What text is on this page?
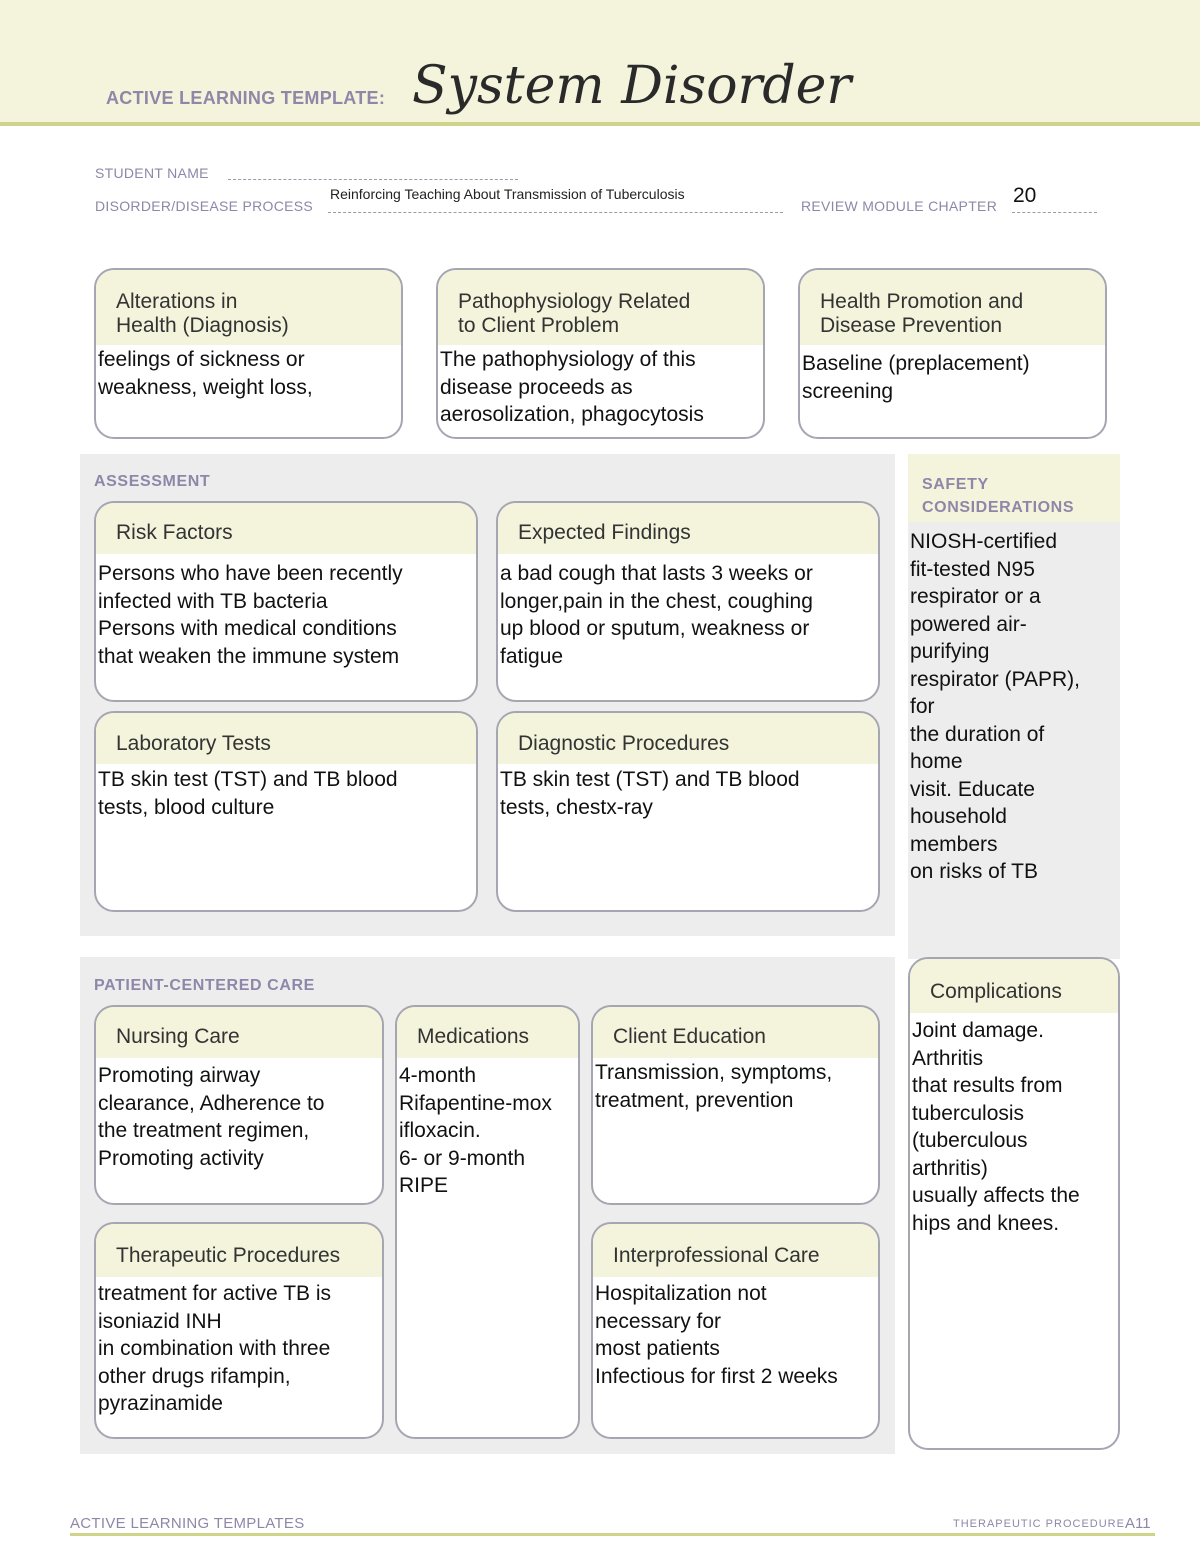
ACTIVE LEARNING TEMPLATE: System Disorder
STUDENT NAME
DISORDER/DISEASE PROCESS
Reinforcing Teaching About Transmission of Tuberculosis
REVIEW MODULE CHAPTER 20
Alterations in
Health (Diagnosis)
feelings of sickness or
weakness, weight loss,
Pathophysiology Related
to Client Problem
The pathophysiology of this
disease proceeds as
aerosolization, phagocytosis
Health Promotion and
Disease Prevention
Baseline (preplacement)
screening
ASSESSMENT
Risk Factors
Persons who have been recently
infected with TB bacteria
Persons with medical conditions
that weaken the immune system
Expected Findings
a bad cough that lasts 3 weeks or
longer,pain in the chest, coughing
up blood or sputum, weakness or
fatigue
Laboratory Tests
TB skin test (TST) and TB blood
tests, blood culture
Diagnostic Procedures
TB skin test (TST) and TB blood
tests, chestx-ray
SAFETY
CONSIDERATIONS
NIOSH-certified
fit-tested N95
respirator or a
powered air-
purifying
respirator (PAPR),
for
the duration of
home
visit. Educate
household
members
on risks of TB
PATIENT-CENTERED CARE
Nursing Care
Promoting airway
clearance, Adherence to
the treatment regimen,
Promoting activity
Medications
4-month
Rifapentine-mox
ifloxacin.
6- or 9-month
RIPE
Client Education
Transmission, symptoms,
treatment, prevention
Therapeutic Procedures
treatment for active TB is
isoniazid INH
in combination with three
other drugs rifampin,
pyrazinamide
Interprofessional Care
Hospitalization not
necessary for
most patients
Infectious for first 2 weeks
Complications
Joint damage.
Arthritis
that results from
tuberculosis
(tuberculous
arthritis)
usually affects the
hips and knees.
ACTIVE LEARNING TEMPLATES	THERAPEUTIC PROCEDURE A11
